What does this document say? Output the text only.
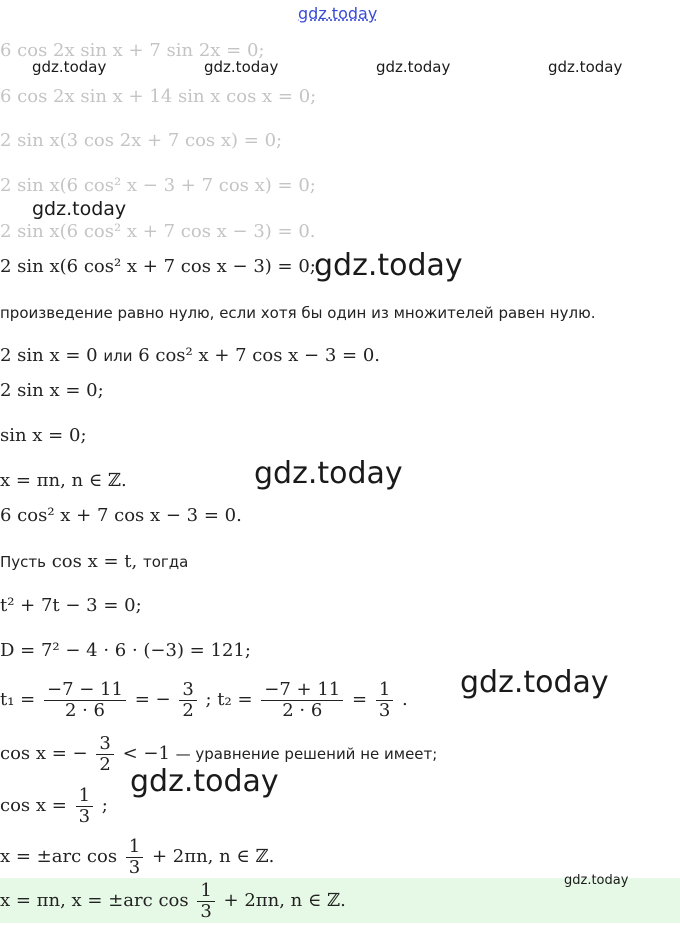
gdz.today
gdz.today	gdz.today	gdz.today	gdz.today
gdz.today
gdz.today
gdz.today
gdz.today
gdz.today
gdz.today
6 cos 2x sin x + 7 sin 2x = 0;
6 cos 2x sin x + 14 sin x cos x = 0;
2 sin x(3 cos 2x + 7 cos x) = 0;
2 sin x(6 cos² x − 3 + 7 cos x) = 0;
2 sin x(6 cos² x + 7 cos x − 3) = 0.
2 sin x(6 cos² x + 7 cos x − 3) = 0;
произведение равно нулю, если хотя бы один из множителей равен нулю.
2 sin x = 0 или 6 cos² x + 7 cos x − 3 = 0.
2 sin x = 0;
sin x = 0;
x = πn, n ∈ ℤ.
6 cos² x + 7 cos x − 3 = 0.
Пусть cos x = t, тогда
t² + 7t − 3 = 0;
D = 7² − 4 · 6 · (−3) = 121;
$t_1 = \frac{-7 - 11}{2 \cdot 6}$ = − $\frac{3}{2}$ ; $t_2 = \frac{-7 + 11}{2 \cdot 6} = \frac{1}{3}$ .
cos x = − $\frac{3}{2} < -1$ — уравнение решений не имеет;
$\cos x = \frac{1}{3}$ ;
x = ±arc $\cos \frac{1}{3} + 2\pi n$, n ∈ ℤ.
x = πn, x = ±arc $\cos \frac{1}{3} + 2\pi n$, n ∈ ℤ.
